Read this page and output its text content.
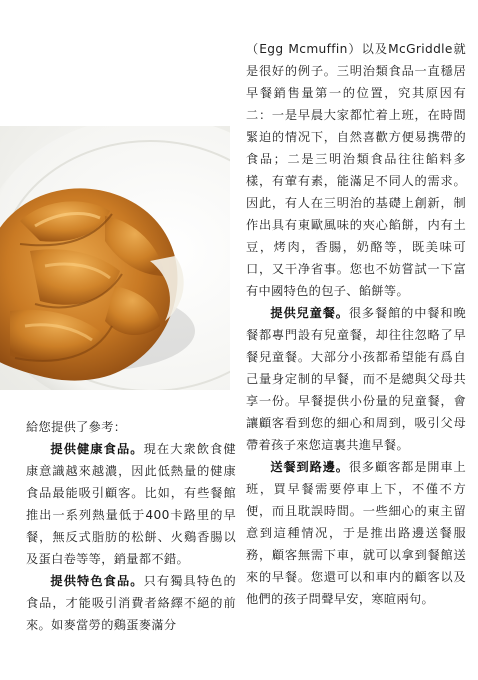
（Egg Mcmuffin）以及McGriddle就是很好的例子。三明治類食品一直穩居早餐銷售量第一的位置，究其原因有二：一是早晨大家都忙着上班，在時間緊迫的情况下，自然喜歡方便易携帶的食品；二是三明治類食品往往餡料多樣，有葷有素，能滿足不同人的需求。因此，有人在三明治的基礎上創新，制作出具有東歐風味的夾心餡餅，内有土豆，烤肉，香腸，奶酪等，既美味可口，又干净省事。您也不妨嘗試一下富有中國特色的包子、餡餅等。

提供兒童餐。很多餐館的中餐和晚餐都專門設有兒童餐，却往往忽略了早餐兒童餐。大部分小孩都希望能有爲自己量身定制的早餐，而不是總與父母共享一份。早餐提供小份量的兒童餐，會讓顧客看到您的細心和周到，吸引父母帶着孩子來您這裏共進早餐。

送餐到路邊。很多顧客都是開車上班，買早餐需要停車上下，不僅不方便，而且耽誤時間。一些細心的東主留意到這種情况，于是推出路邊送餐服務，顧客無需下車，就可以拿到餐館送來的早餐。您還可以和車内的顧客以及他們的孩子問聲早安，寒暄兩句。

給您提供了參考：

提供健康食品。現在大衆飲食健康意識越來越濃，因此低熱量的健康食品最能吸引顧客。比如，有些餐館推出一系列熱量低于400卡路里的早餐，無反式脂肪的松餅、火鷄香腸以及蛋白卷等等，銷量都不錯。

提供特色食品。只有獨具特色的食品，才能吸引消費者絡繹不絕的前來。如麥當勞的鷄蛋麥滿分
